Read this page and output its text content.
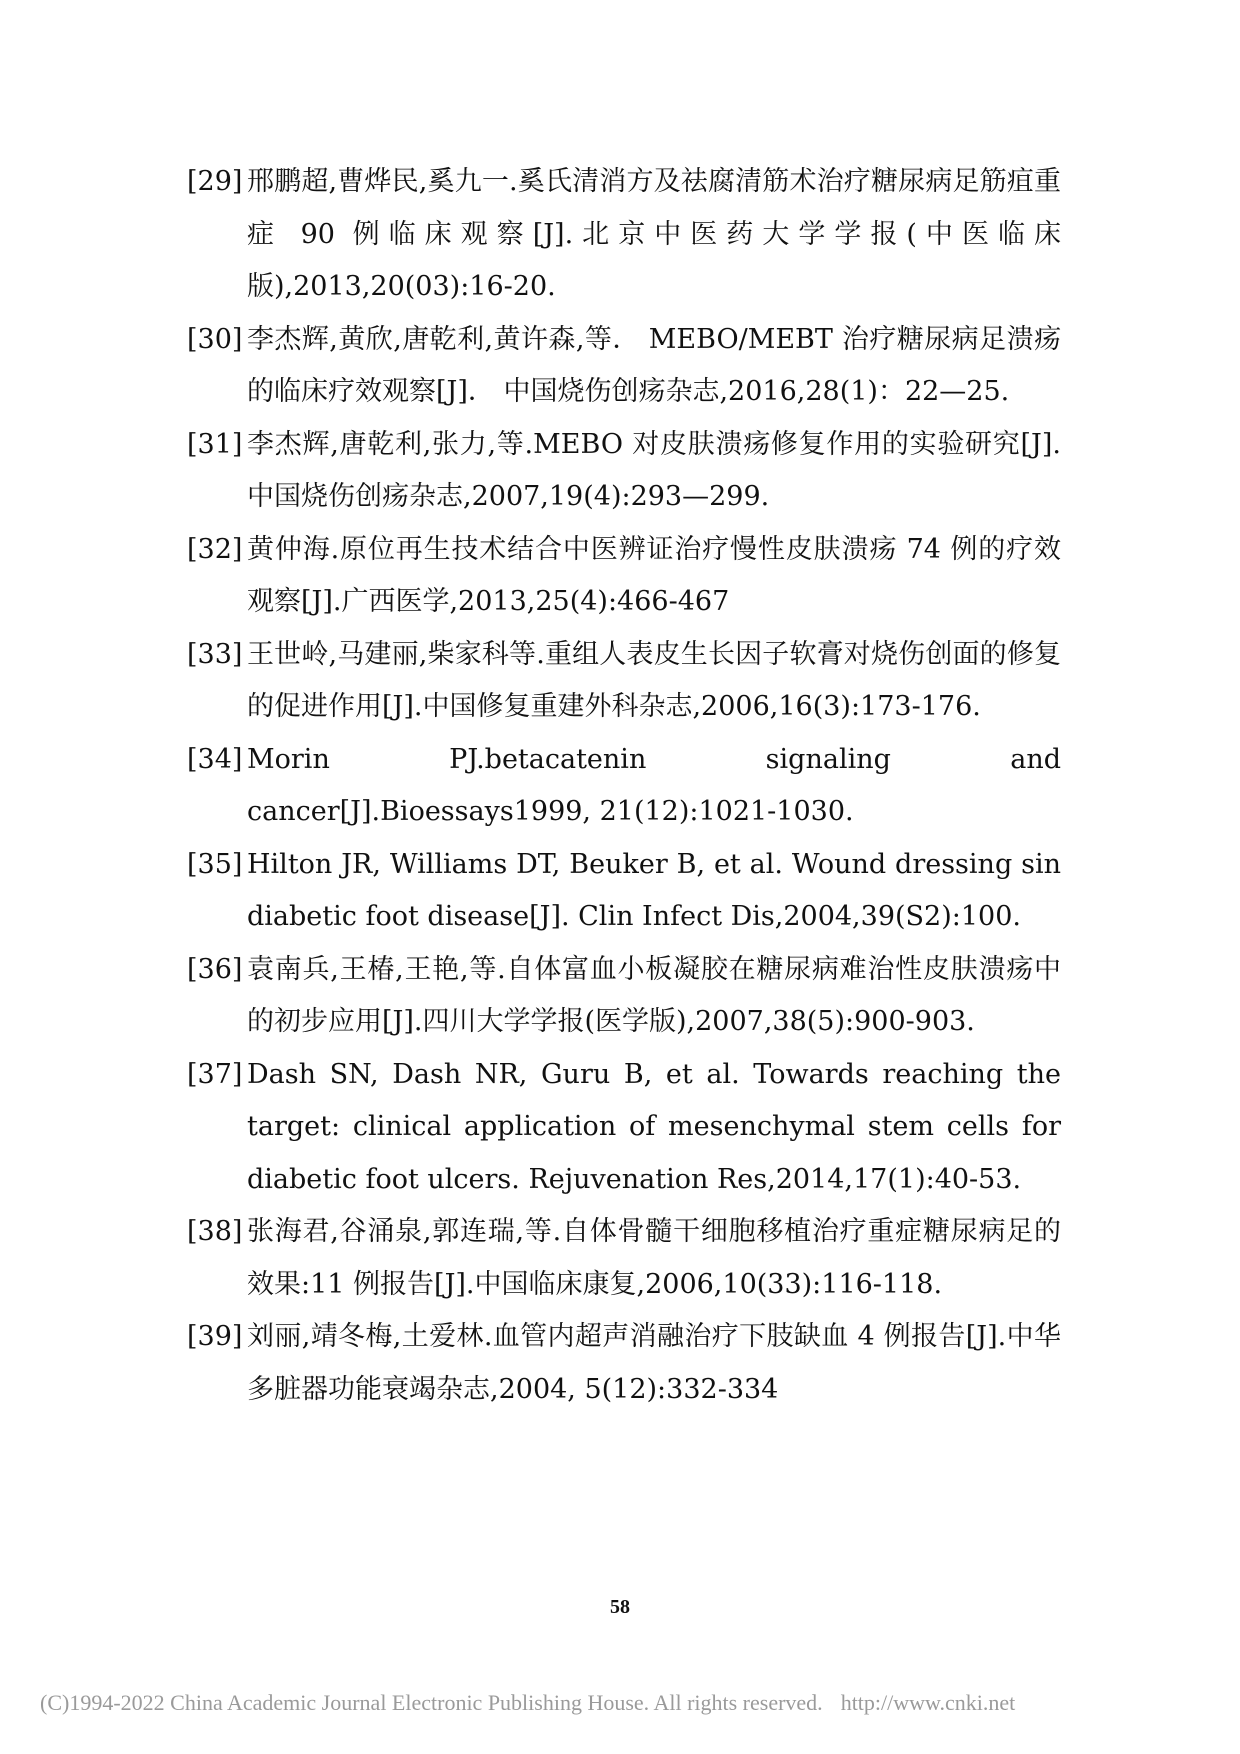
[29] 邢鹏超,曹烨民,奚九一.奚氏清消方及祛腐清筋术治疗糖尿病足筋疽重症 90 例临床观察[J].北京中医药大学学报(中医临床版),2013,20(03):16-20.
[30] 李杰辉,黄欣,唐乾利,黄许森,等． MEBO/MEBT 治疗糖尿病足溃疡的临床疗效观察[J]． 中国烧伤创疡杂志,2016,28(1)：22—25.
[31] 李杰辉,唐乾利,张力,等.MEBO 对皮肤溃疡修复作用的实验研究[J].中国烧伤创疡杂志,2007,19(4):293—299.
[32] 黄仲海.原位再生技术结合中医辨证治疗慢性皮肤溃疡 74 例的疗效观察[J].广西医学,2013,25(4):466-467
[33] 王世岭,马建丽,柴家科等.重组人表皮生长因子软膏对烧伤创面的修复的促进作用[J].中国修复重建外科杂志,2006,16(3):173-176.
[34] Morin PJ.betacatenin signaling and cancer[J].Bioessays1999, 21(12):1021-1030.
[35] Hilton JR, Williams DT, Beuker B, et al. Wound dressing sin diabetic foot disease[J]. Clin Infect Dis,2004,39(S2):100.
[36] 袁南兵,王椿,王艳,等.自体富血小板凝胶在糖尿病难治性皮肤溃疡中的初步应用[J].四川大学学报(医学版),2007,38(5):900-903.
[37] Dash SN, Dash NR, Guru B, et al. Towards reaching the target: clinical application of mesenchymal stem cells for diabetic foot ulcers. Rejuvenation Res,2014,17(1):40-53.
[38] 张海君,谷涌泉,郭连瑞,等.自体骨髓干细胞移植治疗重症糖尿病足的效果:11 例报告[J].中国临床康复,2006,10(33):116-118.
[39] 刘丽,靖冬梅,土爱林.血管内超声消融治疗下肢缺血 4 例报告[J].中华多脏器功能衰竭杂志,2004, 5(12):332-334
58
(C)1994-2022 China Academic Journal Electronic Publishing House. All rights reserved. http://www.cnki.net
